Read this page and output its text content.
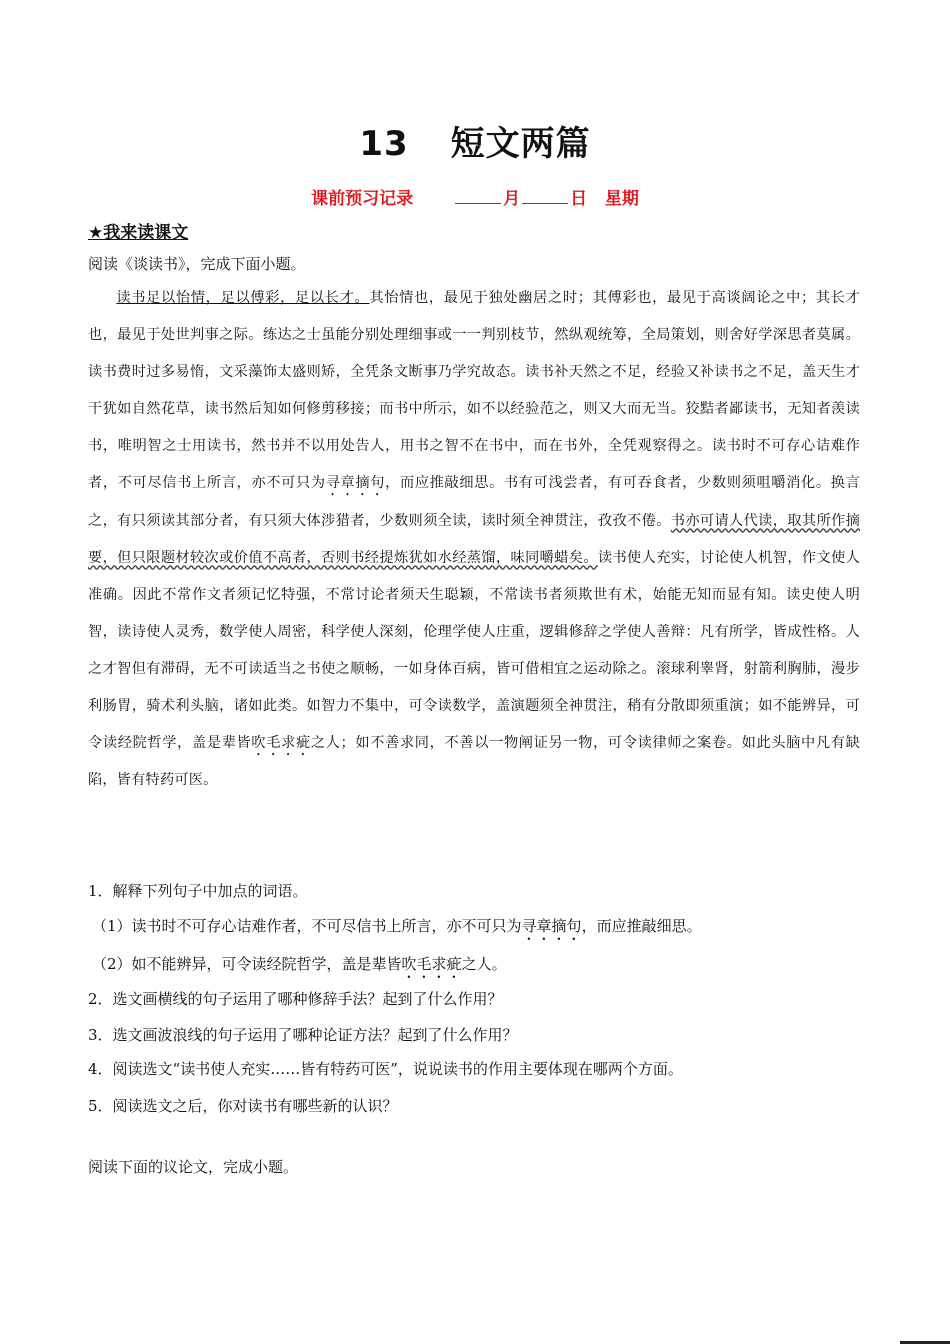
13 短文两篇
课前预习记录	月	日 星期
★我来读课文
阅读《谈读书》，完成下面小题。
读书足以怡情，足以傅彩，足以长才。其怡情也，最见于独处幽居之时；其傅彩也，最见于高谈阔论之中；其长才也，最见于处世判事之际。练达之士虽能分别处理细事或一一判别枝节，然纵观统筹，全局策划，则舍好学深思者莫属。读书费时过多易惰，文采藻饰太盛则矫，全凭条文断事乃学究故态。读书补天然之不足，经验又补读书之不足，盖天生才干犹如自然花草，读书然后知如何修剪移接；而书中所示，如不以经验范之，则又大而无当。狡黠者鄙读书，无知者羡读书，唯明智之士用读书，然书并不以用处告人，用书之智不在书中，而在书外，全凭观察得之。读书时不可存心诘难作者，不可尽信书上所言，亦不可只为寻章摘句，而应推敲细思。书有可浅尝者，有可吞食者，少数则须咀嚼消化。换言之，有只须读其部分者，有只须大体涉猎者，少数则须全读，读时须全神贯注，孜孜不倦。书亦可请人代读，取其所作摘要，但只限题材较次或价值不高者，否则书经提炼犹如水经蒸馏，味同嚼蜡矣。读书使人充实，讨论使人机智，作文使人准确。因此不常作文者须记忆特强，不常讨论者须天生聪颖，不常读书者须欺世有术，始能无知而显有知。读史使人明智，读诗使人灵秀，数学使人周密，科学使人深刻，伦理学使人庄重，逻辑修辞之学使人善辩：凡有所学，皆成性格。人之才智但有滞碍，无不可读适当之书使之顺畅，一如身体百病，皆可借相宜之运动除之。滚球利睾肾，射箭利胸肺，漫步利肠胃，骑术利头脑，诸如此类。如智力不集中，可令读数学，盖演题须全神贯注，稍有分散即须重演；如不能辨异，可令读经院哲学，盖是辈皆吹毛求疵之人；如不善求同，不善以一物阐证另一物，可令读律师之案卷。如此头脑中凡有缺陷，皆有特药可医。
1．解释下列句子中加点的词语。
（1）读书时不可存心诘难作者，不可尽信书上所言，亦不可只为寻章摘句，而应推敲细思。
（2）如不能辨异，可令读经院哲学，盖是辈皆吹毛求疵之人。
2．选文画横线的句子运用了哪种修辞手法？起到了什么作用？
3．选文画波浪线的句子运用了哪种论证方法？起到了什么作用？
4．阅读选文“读书使人充实……皆有特药可医”，说说读书的作用主要体现在哪两个方面。
5．阅读选文之后，你对读书有哪些新的认识？
阅读下面的议论文，完成小题。
